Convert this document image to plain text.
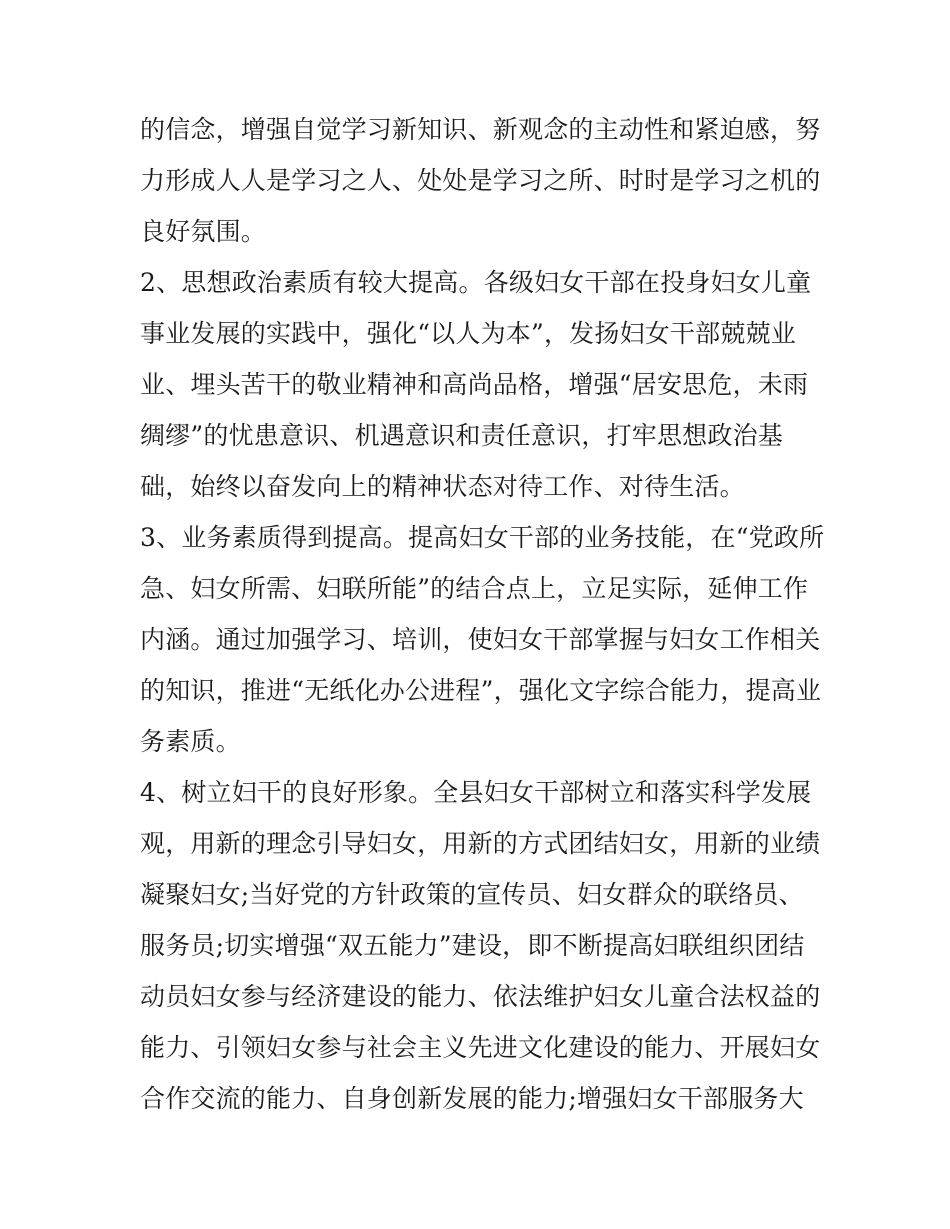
的信念，增强自觉学习新知识、新观念的主动性和紧迫感，努
力形成人人是学习之人、处处是学习之所、时时是学习之机的
良好氛围。
2、思想政治素质有较大提高。各级妇女干部在投身妇女儿童
事业发展的实践中，强化“以人为本”，发扬妇女干部兢兢业
业、埋头苦干的敬业精神和高尚品格，增强“居安思危，未雨
绸缪”的忧患意识、机遇意识和责任意识，打牢思想政治基
础，始终以奋发向上的精神状态对待工作、对待生活。
3、业务素质得到提高。提高妇女干部的业务技能，在“党政所
急、妇女所需、妇联所能”的结合点上，立足实际，延伸工作
内涵。通过加强学习、培训，使妇女干部掌握与妇女工作相关
的知识，推进“无纸化办公进程”，强化文字综合能力，提高业
务素质。
4、树立妇干的良好形象。全县妇女干部树立和落实科学发展
观，用新的理念引导妇女，用新的方式团结妇女，用新的业绩
凝聚妇女;当好党的方针政策的宣传员、妇女群众的联络员、
服务员;切实增强“双五能力”建设，即不断提高妇联组织团结
动员妇女参与经济建设的能力、依法维护妇女儿童合法权益的
能力、引领妇女参与社会主义先进文化建设的能力、开展妇女
合作交流的能力、自身创新发展的能力;增强妇女干部服务大
